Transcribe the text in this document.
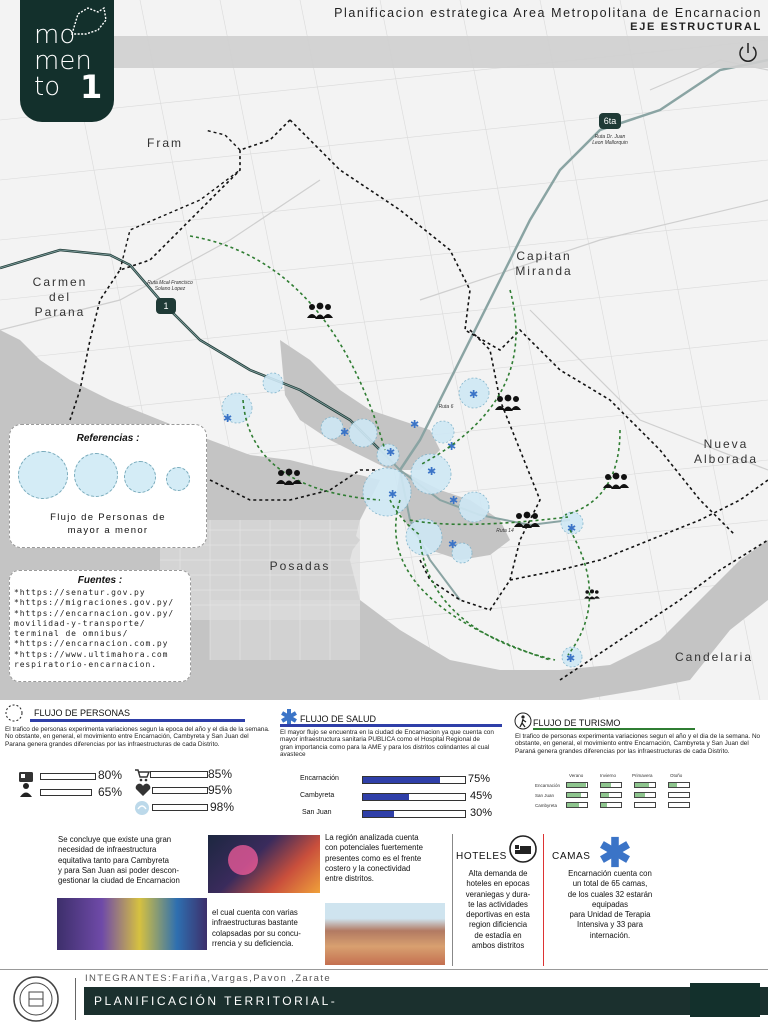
✱
✱
✱
✱
✱
✱
✱
✱
✱
✱
✱
✱
mo
men
to 1
Planificacion estrategica Area Metropolitana de Encarnacion
EJE ESTRUCTURAL
Fram
Carmen
del
Parana
Capitan
Miranda
Nueva
Alborada
Posadas
Candelaria
1
Ruta Mcal Francisco
Solano Lopez
6ta
Ruta Dr. Juan
Leon Mallorquin
Ruta 6
Ruta 14
Referencias :
Flujo de Personas de
mayor a menor
Fuentes :
*https://senatur.gov.py
*https://migraciones.gov.py/
*https://encarnacion.gov.py/
movilidad-y-transporte/
terminal de omnibus/
*https://encarnacion.com.py
*https://www.ultimahora.com
respiratorio-encarnacion.
FLUJO DE PERSONAS
El trafico de personas experimenta variaciones segun la epoca del año y el dia de la semana. No obstante, en general, el movimiento entre Encarnación, Cambyreta y San Juan del Parana genera grandes diferencias por las infraestructuras de cada Distrito.
80%
65%
85%
95%
98%
FLUJO DE SALUD
El mayor flujo se encuentra en la ciudad de Encarnacion ya que cuenta con mayor infraestructura sanitaria PUBLICA como el Hospital Regional de gran importancia como para la AME y para los distritos colindantes al cual avastece
Encarnación	75%
Cambyreta	45%
San Juan	30%
FLUJO DE TURISMO
El trafico de personas experimenta variaciones segun el año y el dia de la semana. No obstante, en general, el movimiento entre Encarnación, Cambyreta y San Juan del Paraná genera grandes diferencias por las infraestructuras de cada Distrito.
Verano	Invierno	Primavera	Otoño
Encarnación
San Juan
Cambyreta
Se concluye que existe una gran
necesidad de infraestructura
equitativa tanto para Cambyreta
y para San Juan asi poder descon-
gestionar la ciudad de Encarnacion
La región analizada cuenta
con potenciales fuertemente
presentes como es el frente
costero y la conectividad
entre distritos.
el cual cuenta con varias
infraestructuras bastante
colapsadas por su concu-
rrencia y su deficiencia.
HOTELES
Alta demanda de
hoteles en epocas
veraniegas y dura-
te las actividades
deportivas en esta
region dificiencia
de estadía en
ambos distritos
CAMAS
Encarnación cuenta con
un total de 65 camas,
de los cuales 32 estarán
equipadas
para Unidad de Terapia
Intensiva y 33 para
internación.
INTEGRANTES:Fariña,Vargas,Pavon ,Zarate
PLANIFICACIÓN TERRITORIAL-
